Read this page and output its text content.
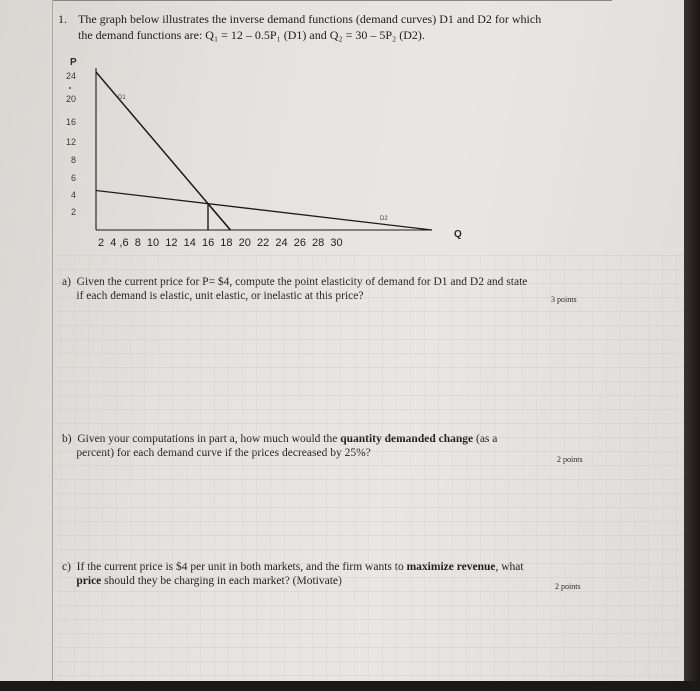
1. The graph below illustrates the inverse demand functions (demand curves) D1 and D2 for which
the demand functions are: Q₁ = 12 – 0.5P₁ (D1) and Q₂ = 30 – 5P₂ (D2).
P
24
20
16
12
8
6
4
2
2  4 ,6  8  10  12  14  16  18  20  22  24  26  28  30
Q
D1
D2
a)  Given the current price for P= $4, compute the point elasticity of demand for D1 and D2 and state
if each demand is elastic, unit elastic, or inelastic at this price?	3 points
b)  Given your computations in part a, how much would the quantity demanded change (as a
percent) for each demand curve if the prices decreased by 25%?
2 points
c)  If the current price is $4 per unit in both markets, and the firm wants to maximize revenue, what
price should they be charging in each market? (Motivate)	2 points
